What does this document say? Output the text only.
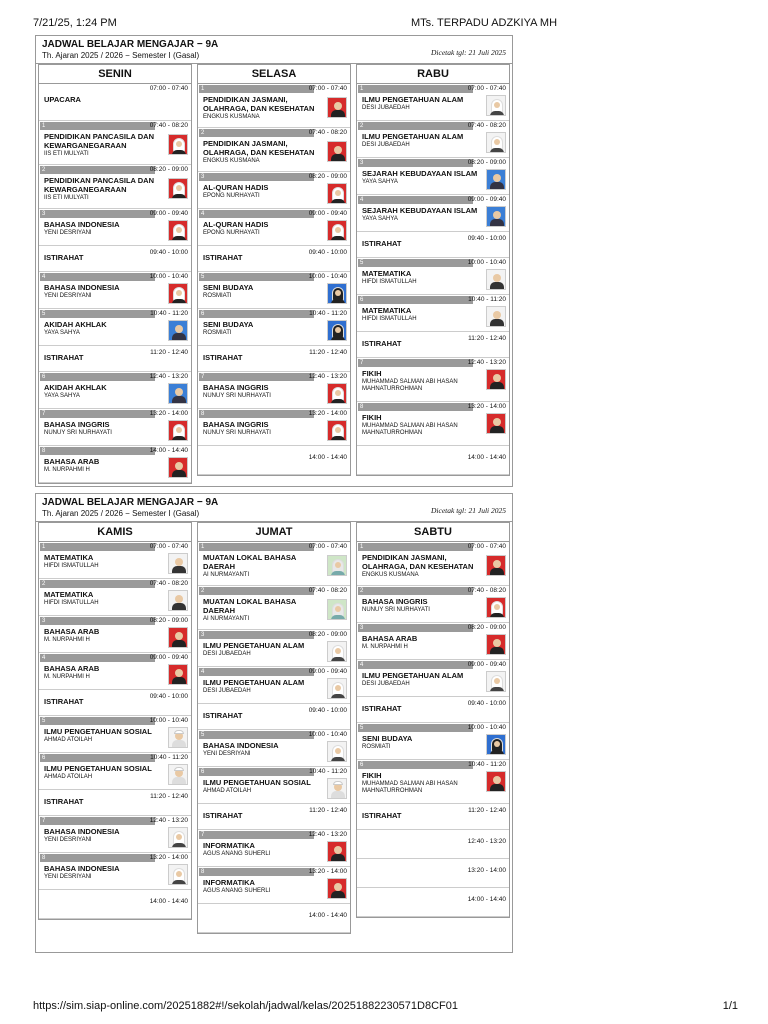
7/21/25, 1:24 PM	MTs. TERPADU ADZKIYA MH
JADWAL BELAJAR MENGAJAR − 9A
Th. Ajaran 2025 / 2026 − Semester I (Gasal)	Dicetak tgl: 21 Juli 2025
SENIN
07:00 - 07:40
UPACARA
1	07:40 - 08:20
PENDIDIKAN PANCASILA DAN KEWARGANEGARAAN
IIS ETI MULYATI
2	08:20 - 09:00
PENDIDIKAN PANCASILA DAN KEWARGANEGARAAN
IIS ETI MULYATI
3	09:00 - 09:40
BAHASA INDONESIA
YENI DESRIYANI
09:40 - 10:00
ISTIRAHAT
4	10:00 - 10:40
BAHASA INDONESIA
YENI DESRIYANI
5	10:40 - 11:20
AKIDAH AKHLAK
YAYA SAHYA
11:20 - 12:40
ISTIRAHAT
6	12:40 - 13:20
AKIDAH AKHLAK
YAYA SAHYA
7	13:20 - 14:00
BAHASA INGGRIS
NUNUY SRI NURHAYATI
8	14:00 - 14:40
BAHASA ARAB
M. NURPAHMI H
SELASA
1	07:00 - 07:40
PENDIDIKAN JASMANI, OLAHRAGA, DAN KESEHATAN
ENGKUS KUSMANA
2	07:40 - 08:20
PENDIDIKAN JASMANI, OLAHRAGA, DAN KESEHATAN
ENGKUS KUSMANA
3	08:20 - 09:00
AL-QURAN HADIS
EPONG NURHAYATI
4	09:00 - 09:40
AL-QURAN HADIS
EPONG NURHAYATI
09:40 - 10:00
ISTIRAHAT
5	10:00 - 10:40
SENI BUDAYA
ROSMIATI
6	10:40 - 11:20
SENI BUDAYA
ROSMIATI
11:20 - 12:40
ISTIRAHAT
7	12:40 - 13:20
BAHASA INGGRIS
NUNUY SRI NURHAYATI
8	13:20 - 14:00
BAHASA INGGRIS
NUNUY SRI NURHAYATI
14:00 - 14:40
RABU
1	07:00 - 07:40
ILMU PENGETAHUAN ALAM
DESI JUBAEDAH
2	07:40 - 08:20
ILMU PENGETAHUAN ALAM
DESI JUBAEDAH
3	08:20 - 09:00
SEJARAH KEBUDAYAAN ISLAM
YAYA SAHYA
4	09:00 - 09:40
SEJARAH KEBUDAYAAN ISLAM
YAYA SAHYA
09:40 - 10:00
ISTIRAHAT
5	10:00 - 10:40
MATEMATIKA
HIFDI ISMATULLAH
6	10:40 - 11:20
MATEMATIKA
HIFDI ISMATULLAH
11:20 - 12:40
ISTIRAHAT
7	12:40 - 13:20
FIKIH
MUHAMMAD SALMAN ABI HASAN MAHNATURROHMAN
8	13:20 - 14:00
FIKIH
MUHAMMAD SALMAN ABI HASAN MAHNATURROHMAN
14:00 - 14:40
JADWAL BELAJAR MENGAJAR − 9A
Th. Ajaran 2025 / 2026 − Semester I (Gasal)	Dicetak tgl: 21 Juli 2025
KAMIS
1	07:00 - 07:40
MATEMATIKA
HIFDI ISMATULLAH
2	07:40 - 08:20
MATEMATIKA
HIFDI ISMATULLAH
3	08:20 - 09:00
BAHASA ARAB
M. NURPAHMI H
4	09:00 - 09:40
BAHASA ARAB
M. NURPAHMI H
09:40 - 10:00
ISTIRAHAT
5	10:00 - 10:40
ILMU PENGETAHUAN SOSIAL
AHMAD ATOILAH
6	10:40 - 11:20
ILMU PENGETAHUAN SOSIAL
AHMAD ATOILAH
11:20 - 12:40
ISTIRAHAT
7	12:40 - 13:20
BAHASA INDONESIA
YENI DESRIYANI
8	13:20 - 14:00
BAHASA INDONESIA
YENI DESRIYANI
14:00 - 14:40
JUMAT
1	07:00 - 07:40
MUATAN LOKAL BAHASA DAERAH
AI NURMAYANTI
2	07:40 - 08:20
MUATAN LOKAL BAHASA DAERAH
AI NURMAYANTI
3	08:20 - 09:00
ILMU PENGETAHUAN ALAM
DESI JUBAEDAH
4	09:00 - 09:40
ILMU PENGETAHUAN ALAM
DESI JUBAEDAH
09:40 - 10:00
ISTIRAHAT
5	10:00 - 10:40
BAHASA INDONESIA
YENI DESRIYANI
6	10:40 - 11:20
ILMU PENGETAHUAN SOSIAL
AHMAD ATOILAH
11:20 - 12:40
ISTIRAHAT
7	12:40 - 13:20
INFORMATIKA
AGUS ANANG SUHERLI
8	13:20 - 14:00
INFORMATIKA
AGUS ANANG SUHERLI
14:00 - 14:40
SABTU
1	07:00 - 07:40
PENDIDIKAN JASMANI, OLAHRAGA, DAN KESEHATAN
ENGKUS KUSMANA
2	07:40 - 08:20
BAHASA INGGRIS
NUNUY SRI NURHAYATI
3	08:20 - 09:00
BAHASA ARAB
M. NURPAHMI H
4	09:00 - 09:40
ILMU PENGETAHUAN ALAM
DESI JUBAEDAH
09:40 - 10:00
ISTIRAHAT
5	10:00 - 10:40
SENI BUDAYA
ROSMIATI
6	10:40 - 11:20
FIKIH
MUHAMMAD SALMAN ABI HASAN MAHNATURROHMAN
11:20 - 12:40
ISTIRAHAT
12:40 - 13:20
13:20 - 14:00
14:00 - 14:40
https://sim.siap-online.com/20251882#!/sekolah/jadwal/kelas/20251882230571D8CF01	1/1
